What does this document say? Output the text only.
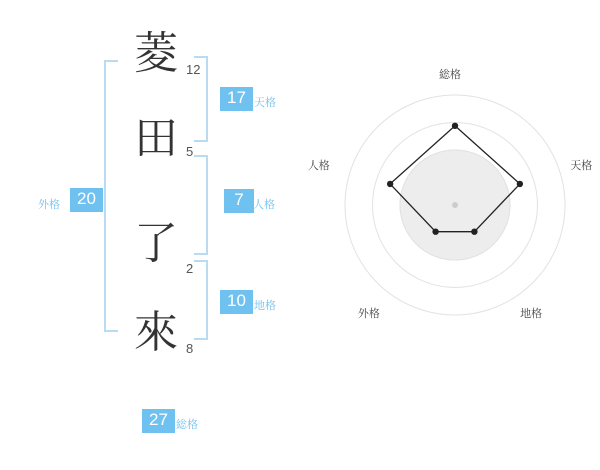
菱
田
了
來
12
5
2
8
17 天格
7 人格
10 地格
20
外格
27 総格
総格
天格
地格
外格
人格
